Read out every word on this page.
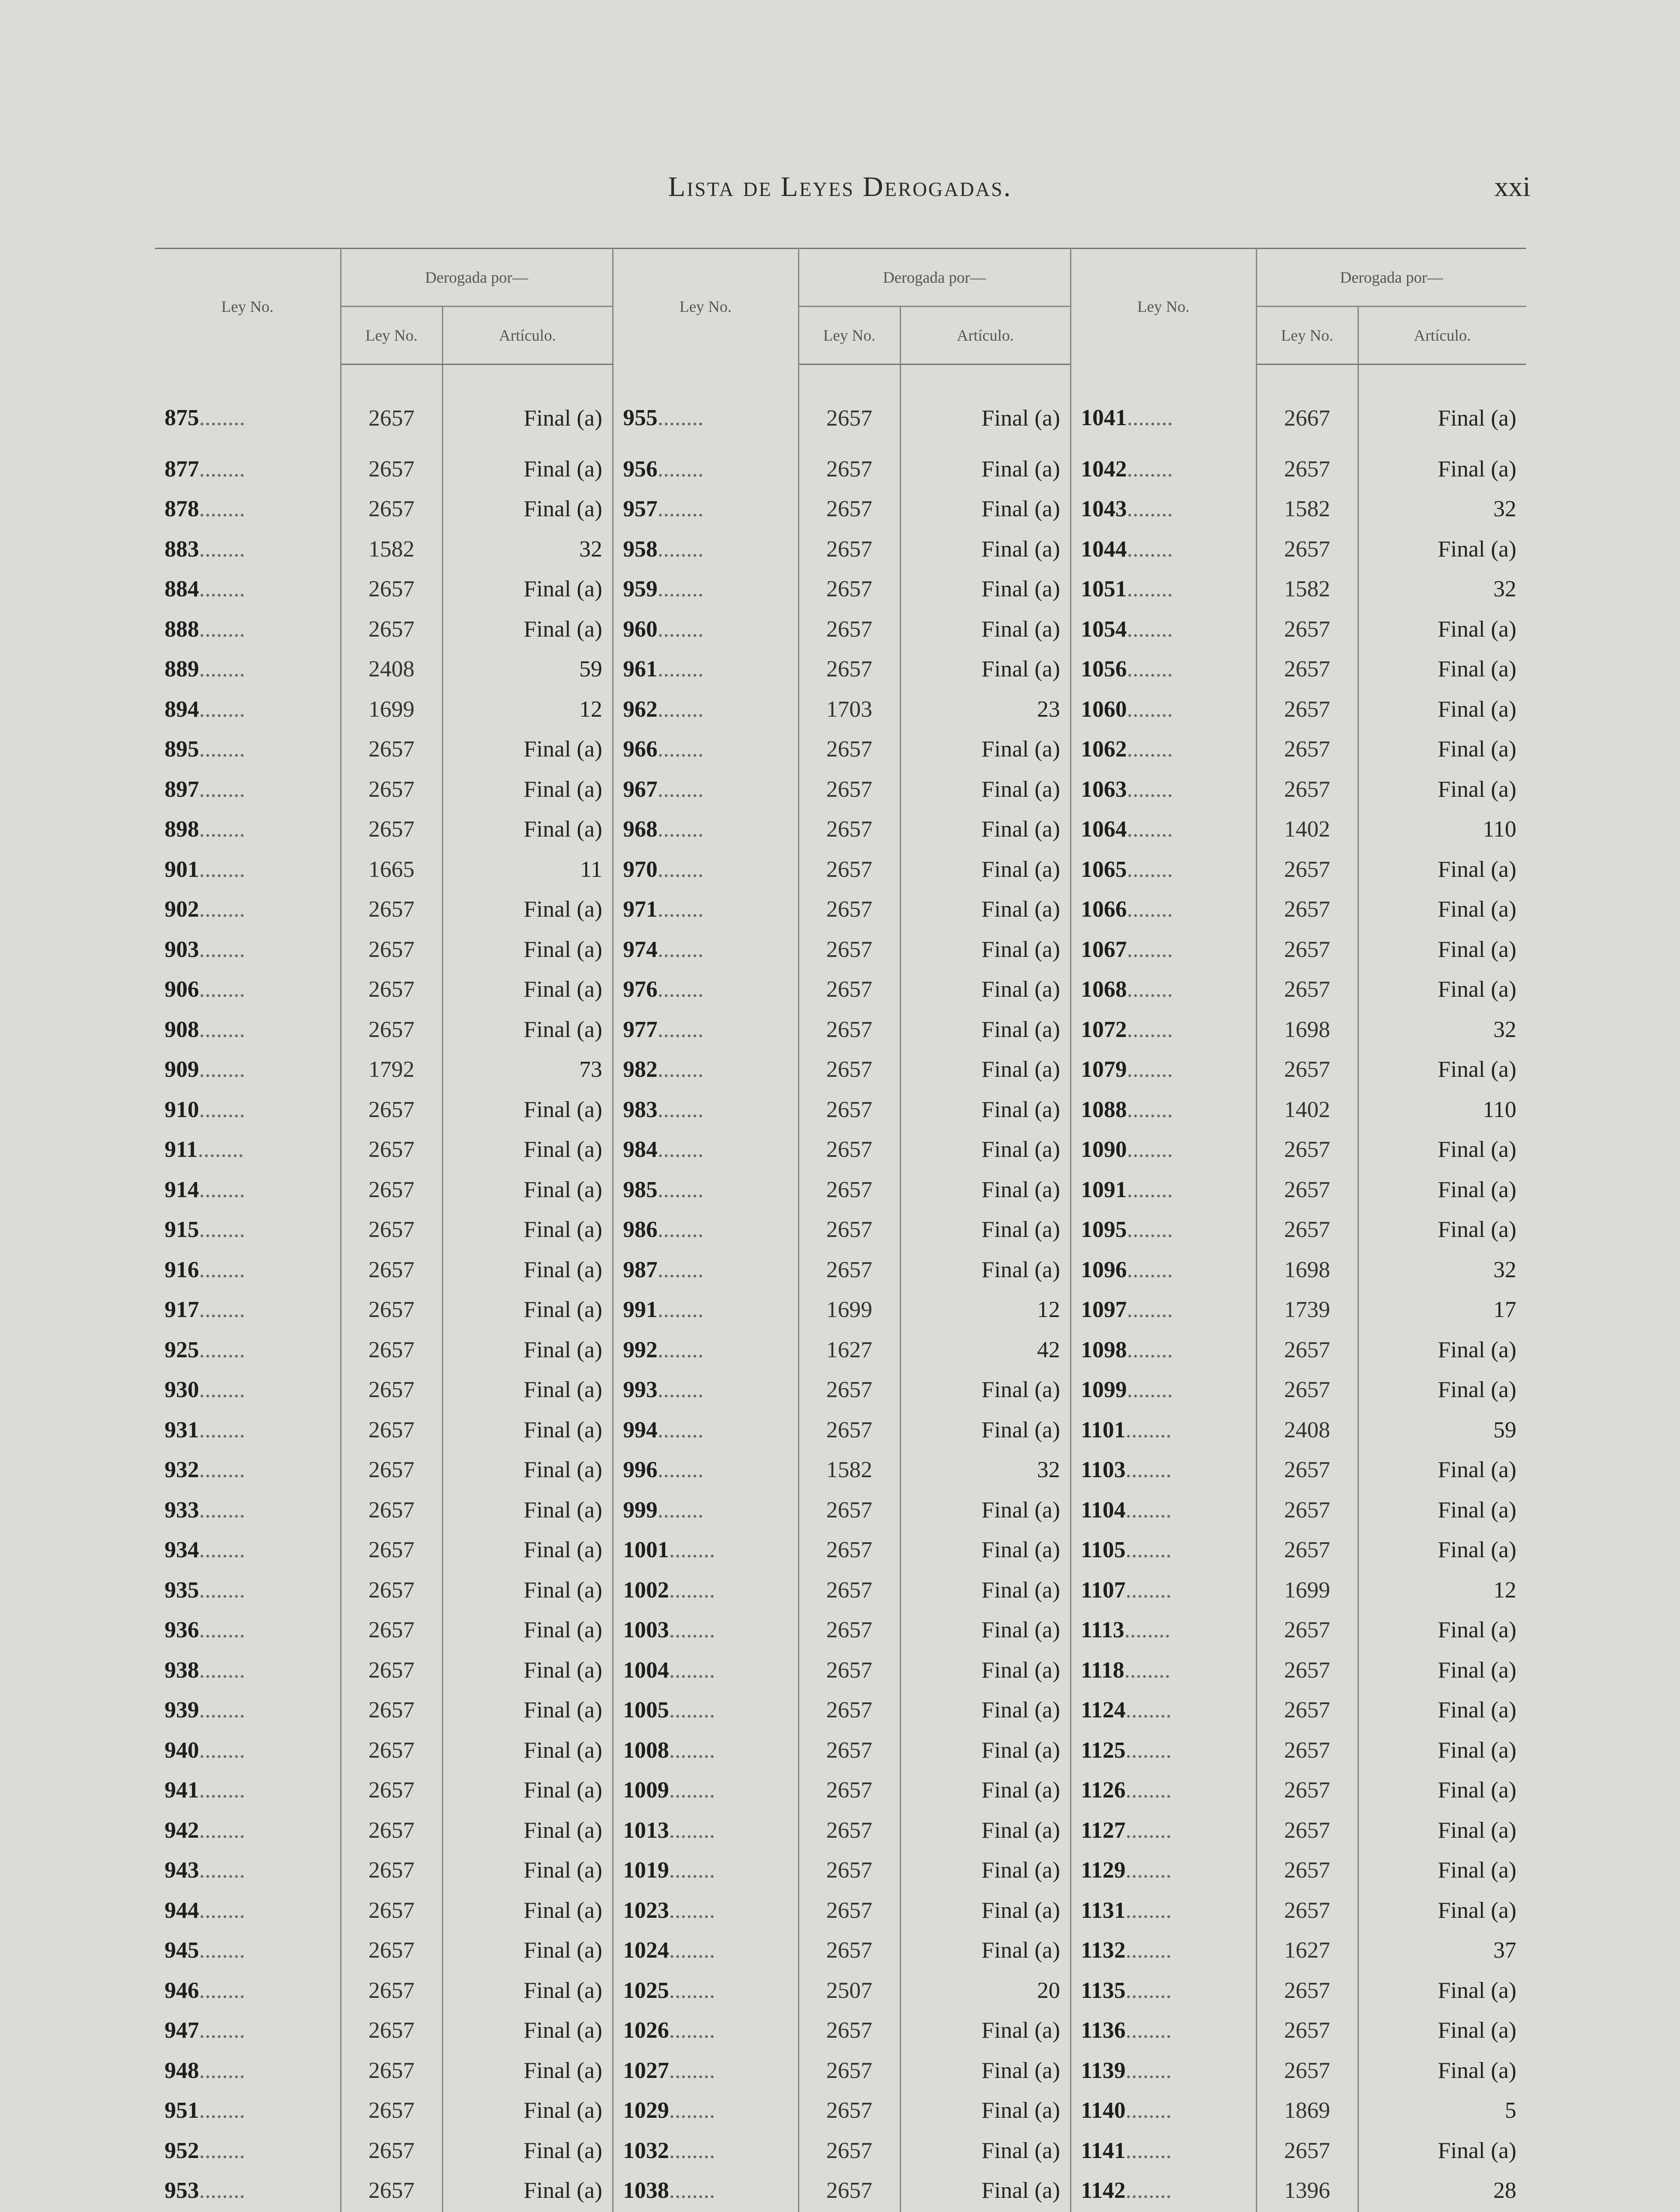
Lista de Leyes Derogadas.	xxi
Ley No.	Derogada por—		Ley No.	Derogada por—		Ley No.	Derogada por—	
	Ley No.	Artículo.		Ley No.	Artículo.		Ley No.	Artículo.
875........	2657	Final (a)	955........	2657	Final (a)	1041........	2667	Final (a)
877........	2657	Final (a)	956........	2657	Final (a)	1042........	2657	Final (a)
878........	2657	Final (a)	957........	2657	Final (a)	1043........	1582	32
883........	1582	32	958........	2657	Final (a)	1044........	2657	Final (a)
884........	2657	Final (a)	959........	2657	Final (a)	1051........	1582	32
888........	2657	Final (a)	960........	2657	Final (a)	1054........	2657	Final (a)
889........	2408	59	961........	2657	Final (a)	1056........	2657	Final (a)
894........	1699	12	962........	1703	23	1060........	2657	Final (a)
895........	2657	Final (a)	966........	2657	Final (a)	1062........	2657	Final (a)
897........	2657	Final (a)	967........	2657	Final (a)	1063........	2657	Final (a)
898........	2657	Final (a)	968........	2657	Final (a)	1064........	1402	110
901........	1665	11	970........	2657	Final (a)	1065........	2657	Final (a)
902........	2657	Final (a)	971........	2657	Final (a)	1066........	2657	Final (a)
903........	2657	Final (a)	974........	2657	Final (a)	1067........	2657	Final (a)
906........	2657	Final (a)	976........	2657	Final (a)	1068........	2657	Final (a)
908........	2657	Final (a)	977........	2657	Final (a)	1072........	1698	32
909........	1792	73	982........	2657	Final (a)	1079........	2657	Final (a)
910........	2657	Final (a)	983........	2657	Final (a)	1088........	1402	110
911........	2657	Final (a)	984........	2657	Final (a)	1090........	2657	Final (a)
914........	2657	Final (a)	985........	2657	Final (a)	1091........	2657	Final (a)
915........	2657	Final (a)	986........	2657	Final (a)	1095........	2657	Final (a)
916........	2657	Final (a)	987........	2657	Final (a)	1096........	1698	32
917........	2657	Final (a)	991........	1699	12	1097........	1739	17
925........	2657	Final (a)	992........	1627	42	1098........	2657	Final (a)
930........	2657	Final (a)	993........	2657	Final (a)	1099........	2657	Final (a)
931........	2657	Final (a)	994........	2657	Final (a)	1101........	2408	59
932........	2657	Final (a)	996........	1582	32	1103........	2657	Final (a)
933........	2657	Final (a)	999........	2657	Final (a)	1104........	2657	Final (a)
934........	2657	Final (a)	1001........	2657	Final (a)	1105........	2657	Final (a)
935........	2657	Final (a)	1002........	2657	Final (a)	1107........	1699	12
936........	2657	Final (a)	1003........	2657	Final (a)	1113........	2657	Final (a)
938........	2657	Final (a)	1004........	2657	Final (a)	1118........	2657	Final (a)
939........	2657	Final (a)	1005........	2657	Final (a)	1124........	2657	Final (a)
940........	2657	Final (a)	1008........	2657	Final (a)	1125........	2657	Final (a)
941........	2657	Final (a)	1009........	2657	Final (a)	1126........	2657	Final (a)
942........	2657	Final (a)	1013........	2657	Final (a)	1127........	2657	Final (a)
943........	2657	Final (a)	1019........	2657	Final (a)	1129........	2657	Final (a)
944........	2657	Final (a)	1023........	2657	Final (a)	1131........	2657	Final (a)
945........	2657	Final (a)	1024........	2657	Final (a)	1132........	1627	37
946........	2657	Final (a)	1025........	2507	20	1135........	2657	Final (a)
947........	2657	Final (a)	1026........	2657	Final (a)	1136........	2657	Final (a)
948........	2657	Final (a)	1027........	2657	Final (a)	1139........	2657	Final (a)
951........	2657	Final (a)	1029........	2657	Final (a)	1140........	1869	5
952........	2657	Final (a)	1032........	2657	Final (a)	1141........	2657	Final (a)
953........	2657	Final (a)	1038........	2657	Final (a)	1142........	1396	28
